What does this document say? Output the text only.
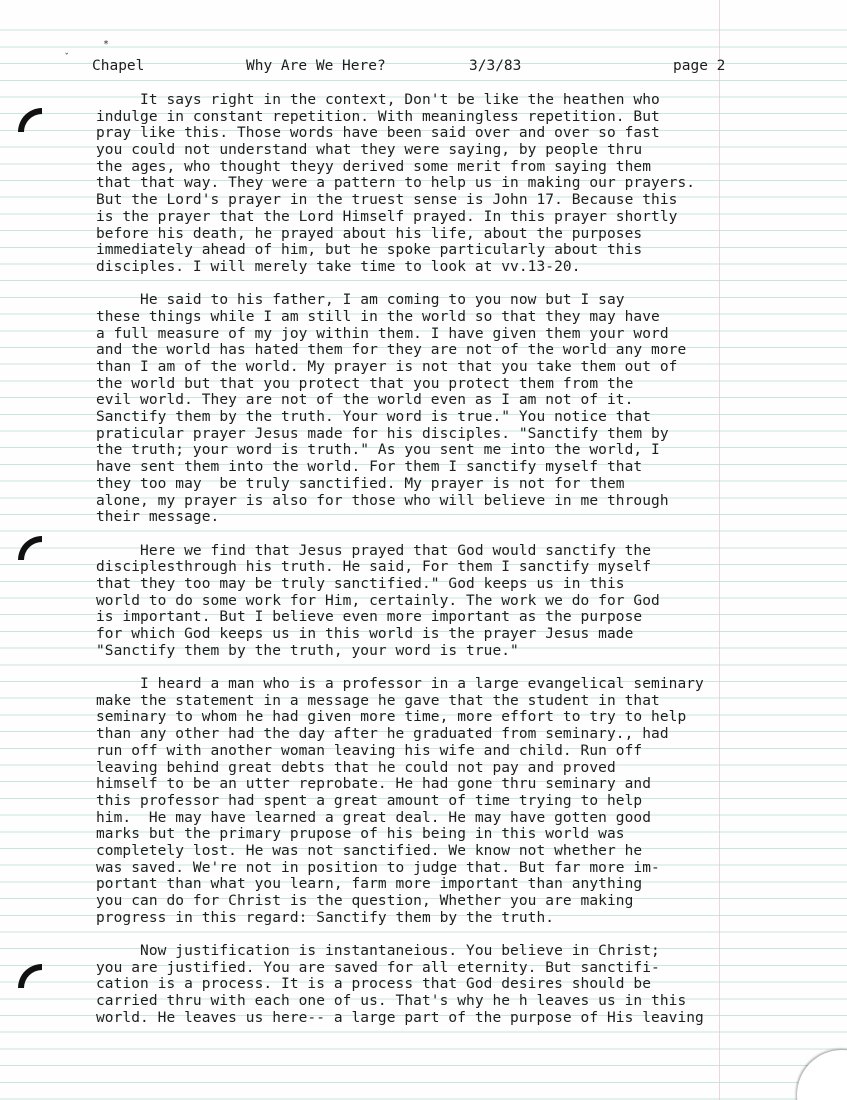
*
ˇ Chapel	Why Are We Here?	3/3/83	page 2
It says right in the context, Don't be like the heathen who
indulge in constant repetition. With meaningless repetition. But
pray like this. Those words have been said over and over so fast
you could not understand what they were saying, by people thru
the ages, who thought theyy derived some merit from saying them
that that way. They were a pattern to help us in making our prayers.
But the Lord's prayer in the truest sense is John 17. Because this
is the prayer that the Lord Himself prayed. In this prayer shortly
before his death, he prayed about his life, about the purposes
immediately ahead of him, but he spoke particularly about this
disciples. I will merely take time to look at vv.13-20.
He said to his father, I am coming to you now but I say
these things while I am still in the world so that they may have
a full measure of my joy within them. I have given them your word
and the world has hated them for they are not of the world any more
than I am of the world. My prayer is not that you take them out of
the world but that you protect that you protect them from the
evil world. They are not of the world even as I am not of it.
Sanctify them by the truth. Your word is true." You notice that
praticular prayer Jesus made for his disciples. "Sanctify them by
the truth; your word is truth." As you sent me into the world, I
have sent them into the world. For them I sanctify myself that
they too may  be truly sanctified. My prayer is not for them
alone, my prayer is also for those who will believe in me through
their message.
Here we find that Jesus prayed that God would sanctify the
disciplesthrough his truth. He said, For them I sanctify myself
that they too may be truly sanctified." God keeps us in this
world to do some work for Him, certainly. The work we do for God
is important. But I believe even more important as the purpose
for which God keeps us in this world is the prayer Jesus made
"Sanctify them by the truth, your word is true."
I heard a man who is a professor in a large evangelical seminary
make the statement in a message he gave that the student in that
seminary to whom he had given more time, more effort to try to help
than any other had the day after he graduated from seminary., had
run off with another woman leaving his wife and child. Run off
leaving behind great debts that he could not pay and proved
himself to be an utter reprobate. He had gone thru seminary and
this professor had spent a great amount of time trying to help
him.  He may have learned a great deal. He may have gotten good
marks but the primary prupose of his being in this world was
completely lost. He was not sanctified. We know not whether he
was saved. We're not in position to judge that. But far more im-
portant than what you learn, farm more important than anything
you can do for Christ is the question, Whether you are making
progress in this regard: Sanctify them by the truth.
Now justification is instantaneious. You believe in Christ;
you are justified. You are saved for all eternity. But sanctifi-
cation is a process. It is a process that God desires should be
carried thru with each one of us. That's why he h leaves us in this
world. He leaves us here-- a large part of the purpose of His leaving
